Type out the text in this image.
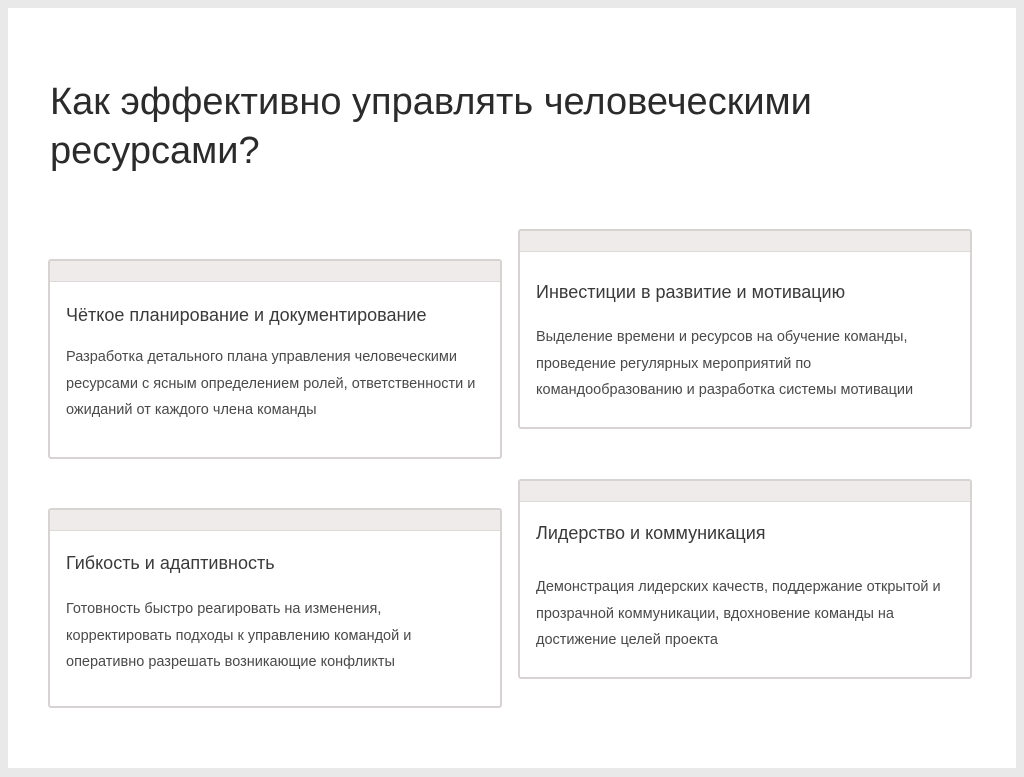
Как эффективно управлять человеческими ресурсами?
Чёткое планирование и документирование

Разработка детального плана управления человеческими ресурсами с ясным определением ролей, ответственности и ожиданий от каждого члена команды

Инвестиции в развитие и мотивацию

Выделение времени и ресурсов на обучение команды, проведение регулярных мероприятий по командообразованию и разработка системы мотивации

Гибкость и адаптивность

Готовность быстро реагировать на изменения, корректировать подходы к управлению командой и оперативно разрешать возникающие конфликты

Лидерство и коммуникация

Демонстрация лидерских качеств, поддержание открытой и прозрачной коммуникации, вдохновение команды на достижение целей проекта
